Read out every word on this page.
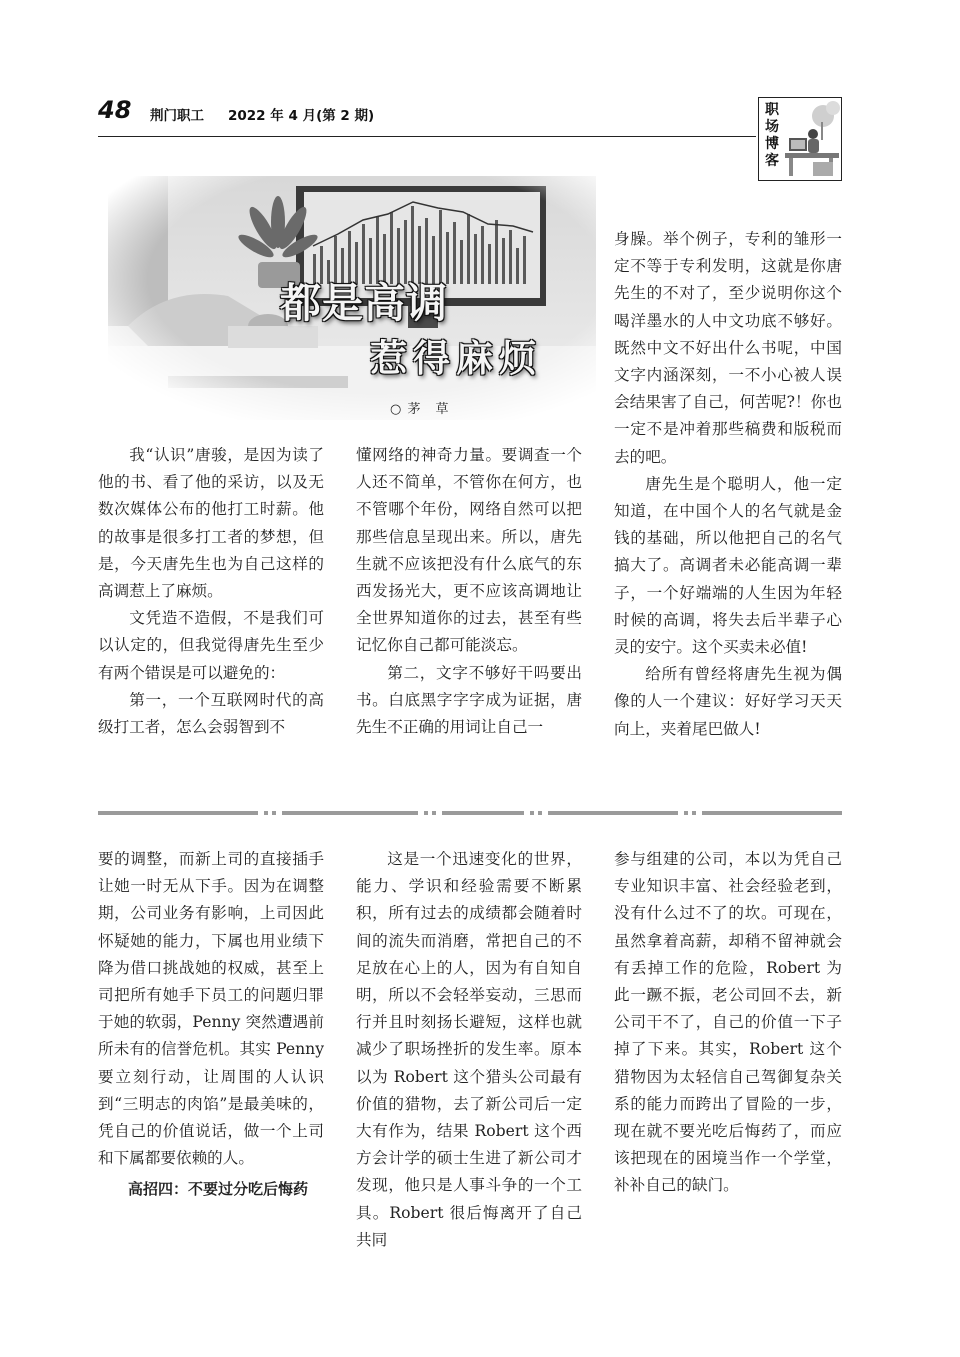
48 荆门职工 2022 年 4 月(第 2 期)	职
场
博
客
都是高调
惹得麻烦
○ 茅　草

我“认识”唐骏，是因为读了他的书、看了他的采访，以及无数次媒体公布的他打工时薪。他的故事是很多打工者的梦想，但是，今天唐先生也为自己这样的高调惹上了麻烦。

文凭造不造假，不是我们可以认定的，但我觉得唐先生至少有两个错误是可以避免的：

第一，一个互联网时代的高级打工者，怎么会弱智到不

懂网络的神奇力量。要调查一个人还不简单，不管你在何方，也不管哪个年份，网络自然可以把那些信息呈现出来。所以，唐先生就不应该把没有什么底气的东西发扬光大，更不应该高调地让全世界知道你的过去，甚至有些记忆你自己都可能淡忘。

第二，文字不够好干吗要出书。白底黑字字字成为证据，唐先生不正确的用词让自己一

身臊。举个例子，专利的雏形一定不等于专利发明，这就是你唐先生的不对了，至少说明你这个喝洋墨水的人中文功底不够好。既然中文不好出什么书呢，中国文字内涵深刻，一不小心被人误会结果害了自己，何苦呢?！你也一定不是冲着那些稿费和版税而去的吧。

唐先生是个聪明人，他一定知道，在中国个人的名气就是金钱的基础，所以他把自己的名气搞大了。高调者未必能高调一辈子，一个好端端的人生因为年轻时候的高调，将失去后半辈子心灵的安宁。这个买卖未必值!

给所有曾经将唐先生视为偶像的人一个建议：好好学习天天向上，夹着尾巴做人!

要的调整，而新上司的直接插手让她一时无从下手。因为在调整期，公司业务有影响，上司因此怀疑她的能力，下属也用业绩下降为借口挑战她的权威，甚至上司把所有她手下员工的问题归罪于她的软弱，Penny 突然遭遇前所未有的信誉危机。其实 Penny 要立刻行动，让周围的人认识到“三明志的肉馅”是最美味的，凭自己的价值说话，做一个上司和下属都要依赖的人。

高招四：不要过分吃后悔药

这是一个迅速变化的世界，能力、学识和经验需要不断累积，所有过去的成绩都会随着时间的流失而消磨，常把自己的不足放在心上的人，因为有自知自明，所以不会轻举妄动，三思而行并且时刻扬长避短，这样也就减少了职场挫折的发生率。原本以为 Robert 这个猎头公司最有价值的猎物，去了新公司后一定大有作为，结果 Robert 这个西方会计学的硕士生进了新公司才发现，他只是人事斗争的一个工具。Robert 很后悔离开了自己共同

参与组建的公司，本以为凭自己专业知识丰富、社会经验老到，没有什么过不了的坎。可现在，虽然拿着高薪，却稍不留神就会有丢掉工作的危险，Robert 为此一蹶不振，老公司回不去，新公司干不了，自己的价值一下子掉了下来。其实，Robert 这个猎物因为太轻信自己驾御复杂关系的能力而跨出了冒险的一步，现在就不要光吃后悔药了，而应该把现在的困境当作一个学堂，补补自己的缺门。
